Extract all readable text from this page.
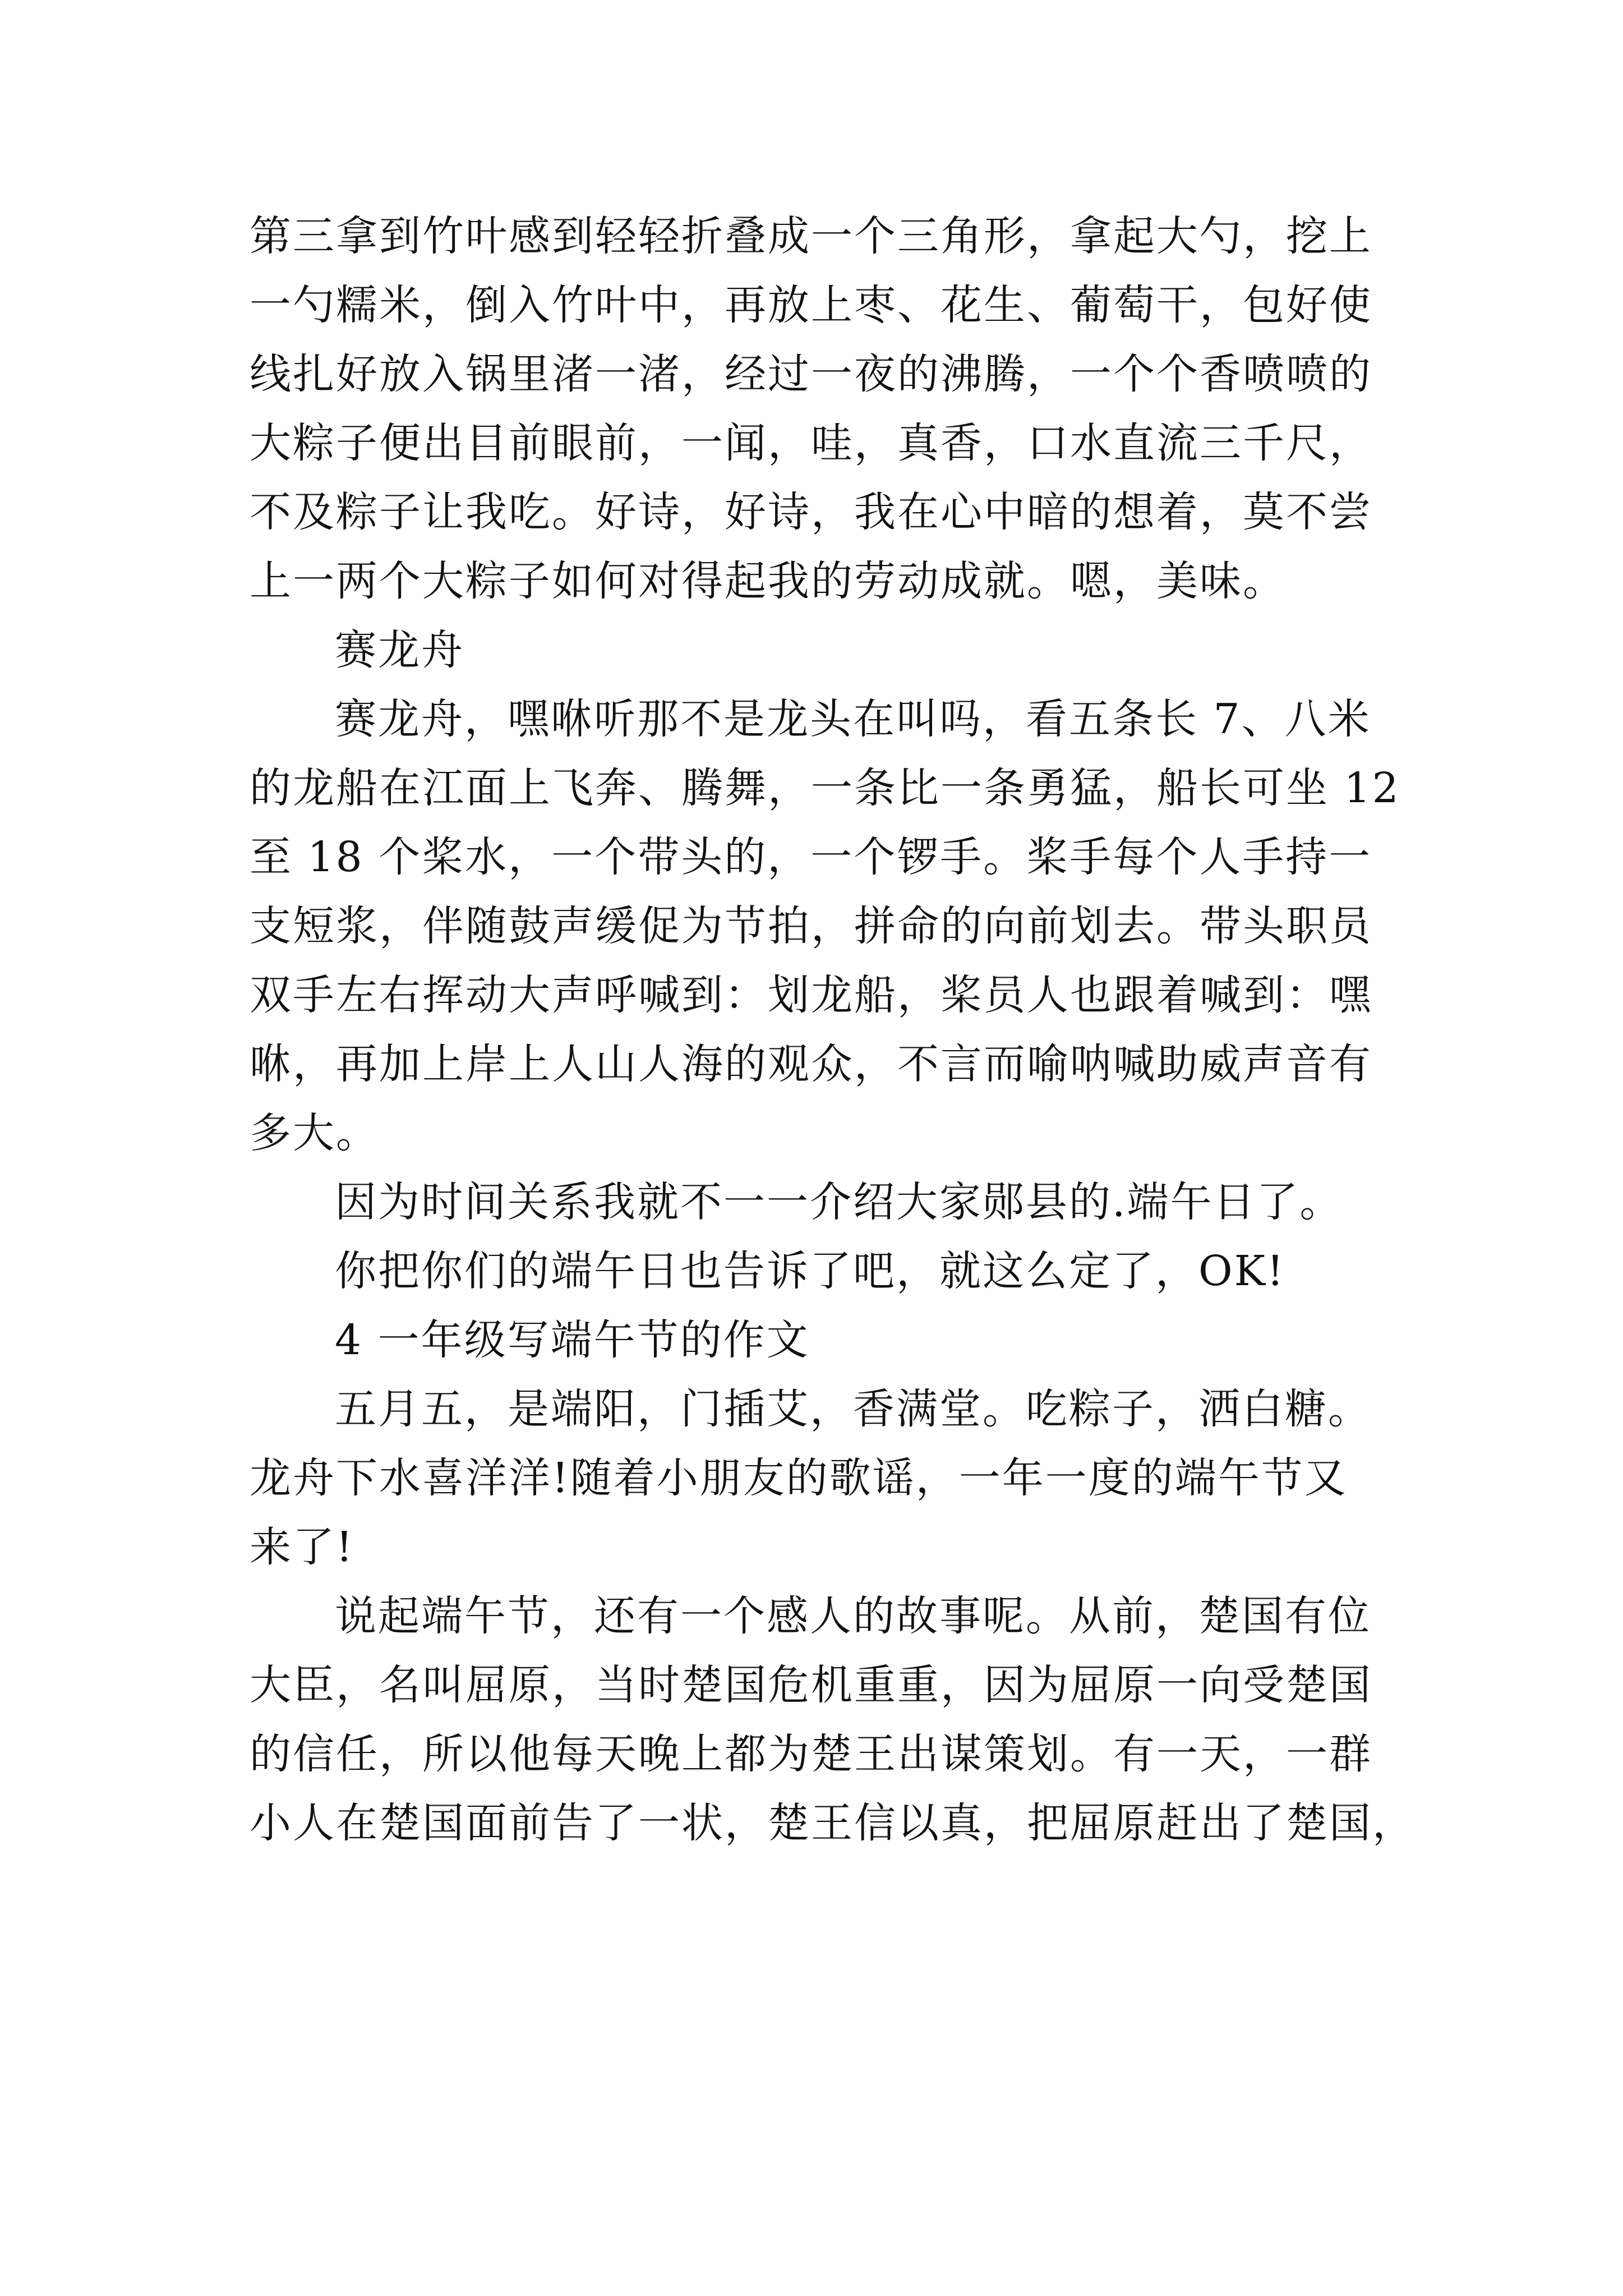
第三拿到竹叶感到轻轻折叠成一个三角形，拿起大勺，挖上
一勺糯米，倒入竹叶中，再放上枣、花生、葡萄干，包好使
线扎好放入锅里渚一渚，经过一夜的沸腾，一个个香喷喷的
大粽子便出目前眼前，一闻，哇，真香，口水直流三千尺，
不及粽子让我吃。好诗，好诗，我在心中暗的想着，莫不尝
上一两个大粽子如何对得起我的劳动成就。嗯，美味。
赛龙舟
赛龙舟，嘿咻听那不是龙头在叫吗，看五条长 7、八米
的龙船在江面上飞奔、腾舞，一条比一条勇猛，船长可坐 12
至 18 个桨水，一个带头的，一个锣手。桨手每个人手持一
支短浆，伴随鼓声缓促为节拍，拼命的向前划去。带头职员
双手左右挥动大声呼喊到：划龙船，桨员人也跟着喊到：嘿
咻，再加上岸上人山人海的观众，不言而喻呐喊助威声音有
多大。
因为时间关系我就不一一介绍大家郧县的.端午日了。
你把你们的端午日也告诉了吧，就这么定了，OK!
4 一年级写端午节的作文
五月五，是端阳，门插艾，香满堂。吃粽子，洒白糖。
龙舟下水喜洋洋!随着小朋友的歌谣，一年一度的端午节又
来了!
说起端午节，还有一个感人的故事呢。从前，楚国有位
大臣，名叫屈原，当时楚国危机重重，因为屈原一向受楚国
的信任，所以他每天晚上都为楚王出谋策划。有一天，一群
小人在楚国面前告了一状，楚王信以真，把屈原赶出了楚国，
